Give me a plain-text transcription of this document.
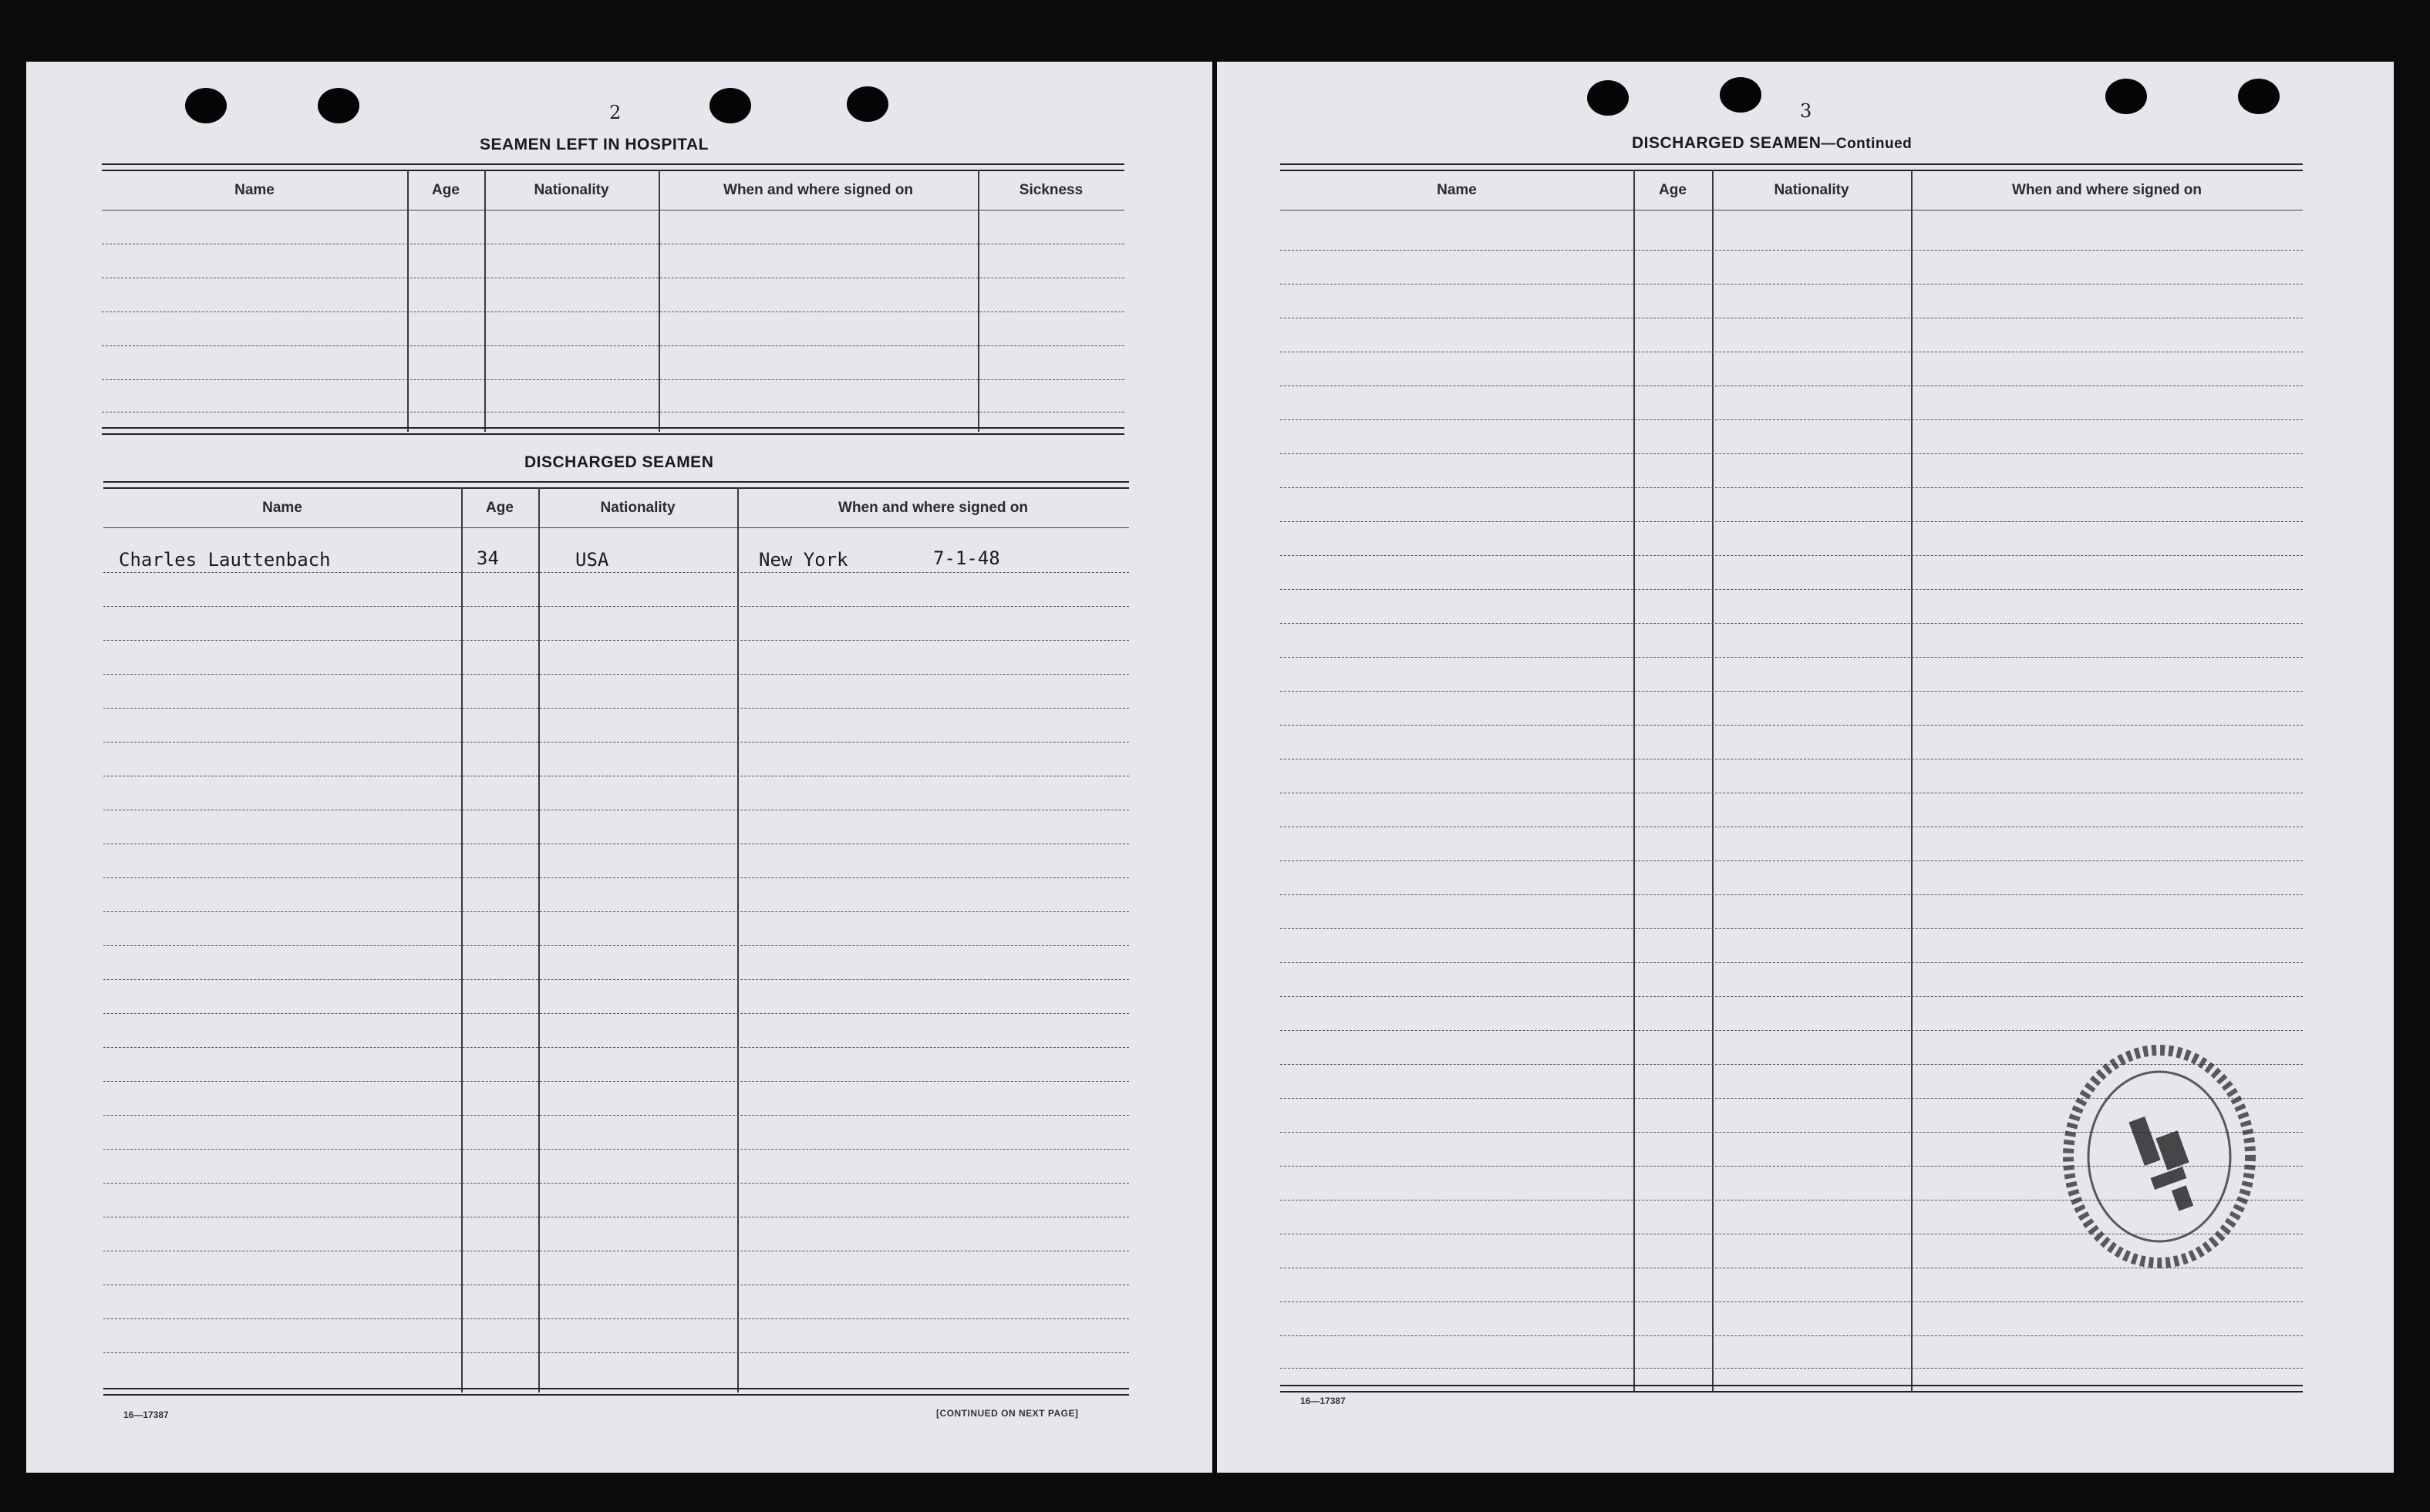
2
SEAMEN LEFT IN HOSPITAL
Name	Age	Nationality	When and where signed on	Sickness
DISCHARGED SEAMEN
Name	Age	Nationality	When and where signed on
Charles Lauttenbach	34	USA	New York	7-1-48
16—17387	[CONTINUED ON NEXT PAGE]
3
DISCHARGED SEAMEN—Continued
Name	Age	Nationality	When and where signed on
16—17387
